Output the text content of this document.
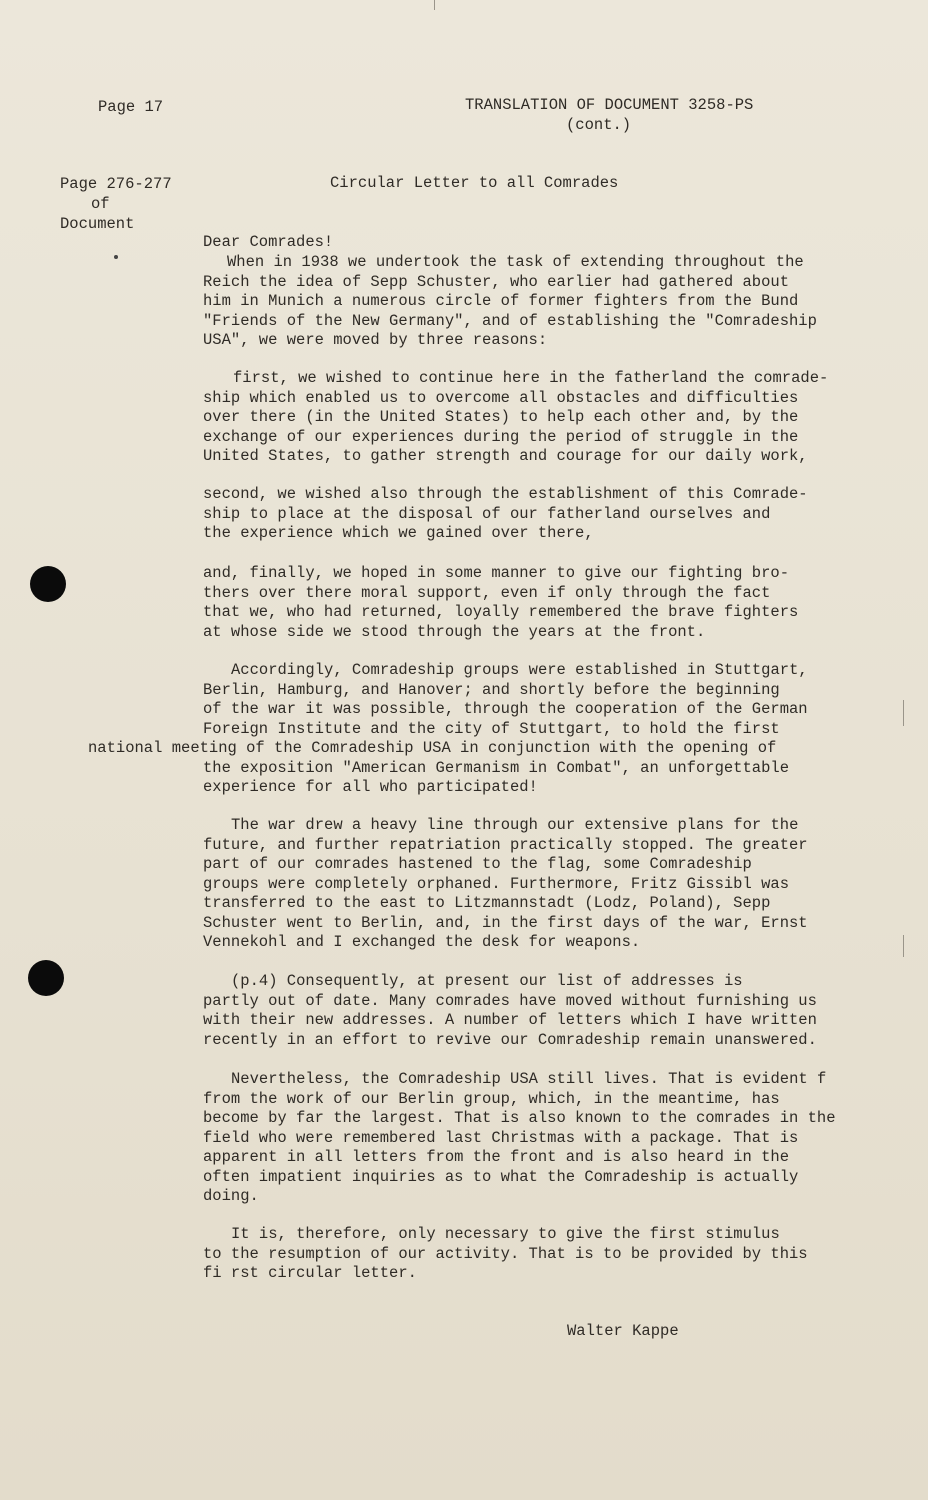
Page 17	TRANSLATION OF DOCUMENT 3258-PS
(cont.)
Page 276-277
of
Document
Circular Letter to all Comrades
Dear Comrades!
When in 1938 we undertook the task of extending throughout the
Reich the idea of Sepp Schuster, who earlier had gathered about
him in Munich a numerous circle of former fighters from the Bund
"Friends of the New Germany", and of establishing the "Comradeship
USA", we were moved by three reasons:
first, we wished to continue here in the fatherland the comrade-
ship which enabled us to overcome all obstacles and difficulties
over there (in the United States) to help each other and, by the
exchange of our experiences during the period of struggle in the
United States, to gather strength and courage for our daily work,
second, we wished also through the establishment of this Comrade-
ship to place at the disposal of our fatherland ourselves and
the experience which we gained over there,
and, finally, we hoped in some manner to give our fighting bro-
thers over there moral support, even if only through the fact
that we, who had returned, loyally remembered the brave fighters
at whose side we stood through the years at the front.
Accordingly, Comradeship groups were established in Stuttgart,
Berlin, Hamburg, and Hanover; and shortly before the beginning
of the war it was possible, through the cooperation of the German
Foreign Institute and the city of Stuttgart, to hold the first
national meeting of the Comradeship USA in conjunction with the opening of
the exposition "American Germanism in Combat", an unforgettable
experience for all who participated!
The war drew a heavy line through our extensive plans for the
future, and further repatriation practically stopped. The greater
part of our comrades hastened to the flag, some Comradeship
groups were completely orphaned. Furthermore, Fritz Gissibl was
transferred to the east to Litzmannstadt (Lodz, Poland), Sepp
Schuster went to Berlin, and, in the first days of the war, Ernst
Vennekohl and I exchanged the desk for weapons.
(p.4) Consequently, at present our list of addresses is
partly out of date. Many comrades have moved without furnishing us
with their new addresses. A number of letters which I have written
recently in an effort to revive our Comradeship remain unanswered.
Nevertheless, the Comradeship USA still lives. That is evident f
from the work of our Berlin group, which, in the meantime, has
become by far the largest. That is also known to the comrades in the
field who were remembered last Christmas with a package. That is
apparent in all letters from the front and is also heard in the
often impatient inquiries as to what the Comradeship is actually
doing.
It is, therefore, only necessary to give the first stimulus
to the resumption of our activity. That is to be provided by this
fi rst circular letter.
Walter Kappe
